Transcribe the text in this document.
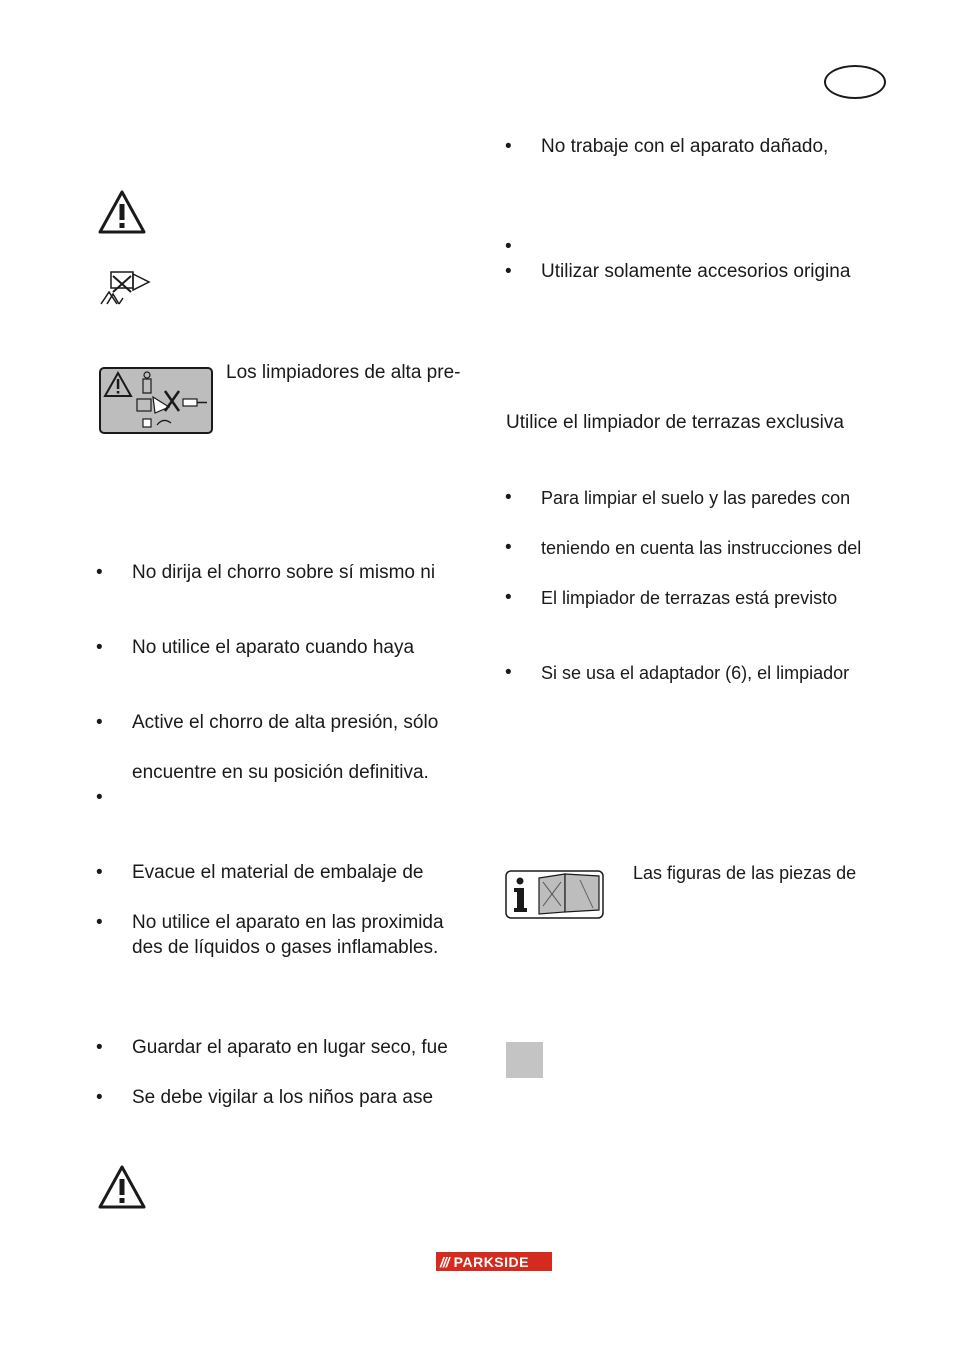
Los limpiadores de alta pre-
• No dirija el chorro sobre sí mismo ni
• No utilice el aparato cuando haya
• Active el chorro de alta presión, sólo
encuentre en su posición definitiva.
•
• Evacue el material de embalaje de
• No utilice el aparato en las proximida
des de líquidos o gases inflamables.
• Guardar el aparato en lugar seco, fue
• Se debe vigilar a los niños para ase
• No trabaje con el aparato dañado,
•
• Utilizar solamente accesorios origina
Utilice el limpiador de terrazas exclusiva
• Para limpiar el suelo y las paredes con
• teniendo en cuenta las instrucciones del
• El limpiador de terrazas está previsto
• Si se usa el adaptador (6), el limpiador
Las figuras de las piezas de
/// PARKSIDE
